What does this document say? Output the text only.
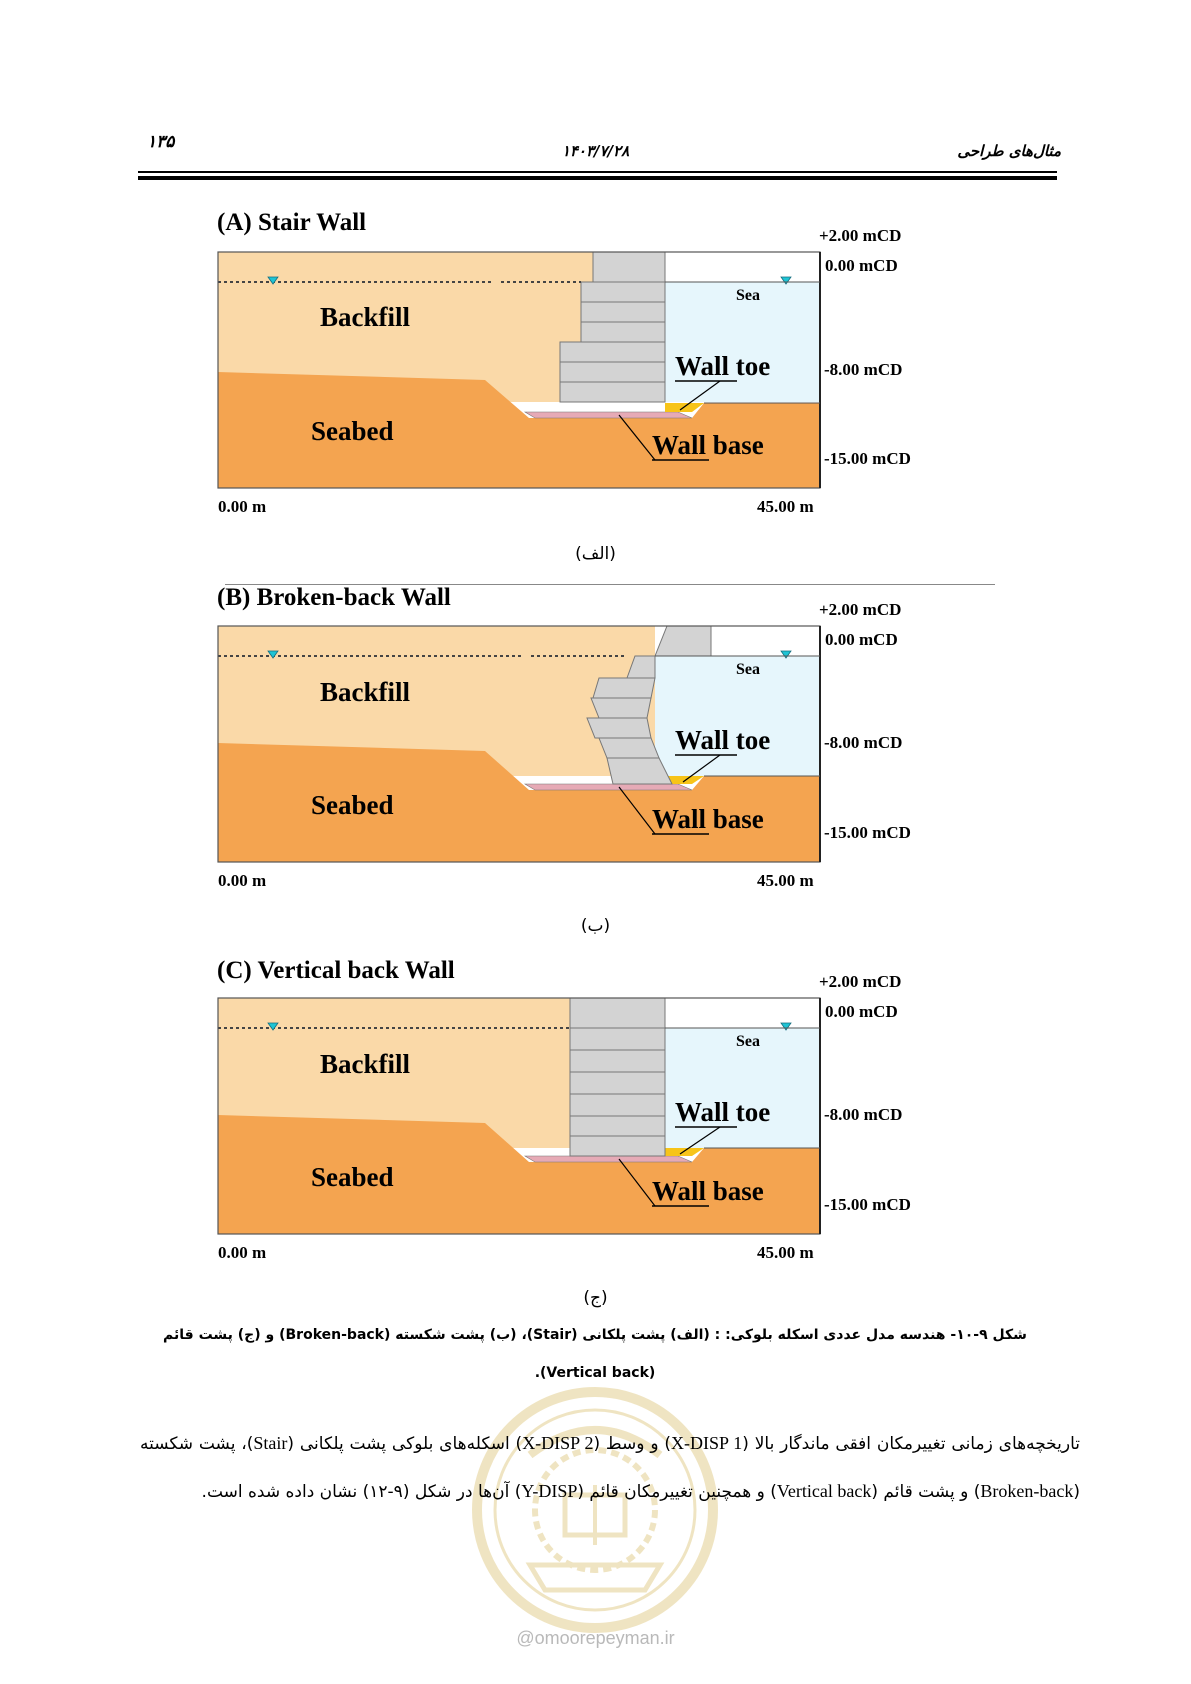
۱۳۵	۱۴۰۳/۷/۲۸	مثال‌های طراحی
(A) Stair Wall
Backfill
Seabed
Sea
Wall toe
Wall base
+2.00 mCD
0.00 mCD
-8.00 mCD
-15.00 mCD
0.00 m	45.00 m
(الف)
(B) Broken-back Wall
Backfill
Seabed
Sea
Wall toe
Wall base
+2.00 mCD
0.00 mCD
-8.00 mCD
-15.00 mCD
0.00 m	45.00 m
(ب)
(C) Vertical back Wall
Backfill
Seabed
Sea
Wall toe
Wall base
+2.00 mCD
0.00 mCD
-8.00 mCD
-15.00 mCD
0.00 m	45.00 m
(ج)
شکل ۹-۱۰- هندسه مدل عددی اسکله بلوکی: : (الف) پشت پلکانی (Stair)، (ب) پشت شکسته (Broken-back) و (ج) پشت قائم
(Vertical back).
تاریخچه‌های زمانی تغییرمکان افقی ماندگار بالا (X-DISP 1) و وسط (X-DISP 2) اسکله‌های بلوکی پشت پلکانی (Stair)، پشت شکسته (Broken-back) و پشت قائم (Vertical back) و همچنین تغییرمکان قائم (Y-DISP) آن‌ها در شکل (۹-۱۲) نشان داده شده است.
@omoorepeyman.ir
